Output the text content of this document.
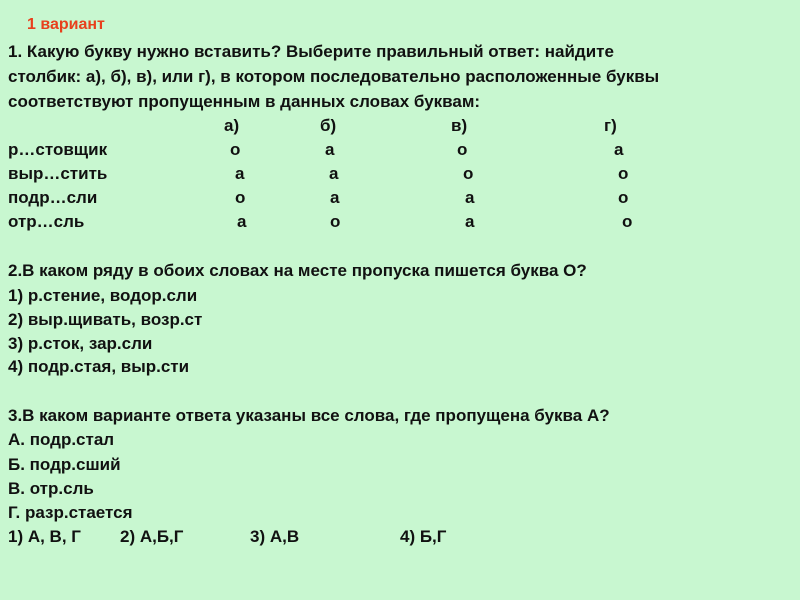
1 вариант
1. Какую букву нужно вставить? Выберите правильный ответ: найдите
столбик: а), б), в), или г), в котором последовательно расположенные буквы
соответствуют пропущенным в данных словах буквам:
а)	б)	в)	г)
р…стовщик	о	а	о	а
выр…стить	а	а	о	о
подр…сли	о	а	а	о
отр…сль	а	о	а	о
2.В каком ряду в обоих словах на месте пропуска пишется буква О?
1) р.стение, водор.сли
2) выр.щивать, возр.ст
3) р.сток, зар.сли
4) подр.стая, выр.сти
3.В каком варианте ответа указаны все слова, где пропущена буква А?
А. подр.стал
Б. подр.сший
В. отр.сль
Г. разр.стается
1) А, В, Г 2) А,Б,Г	3) А,В	4) Б,Г
